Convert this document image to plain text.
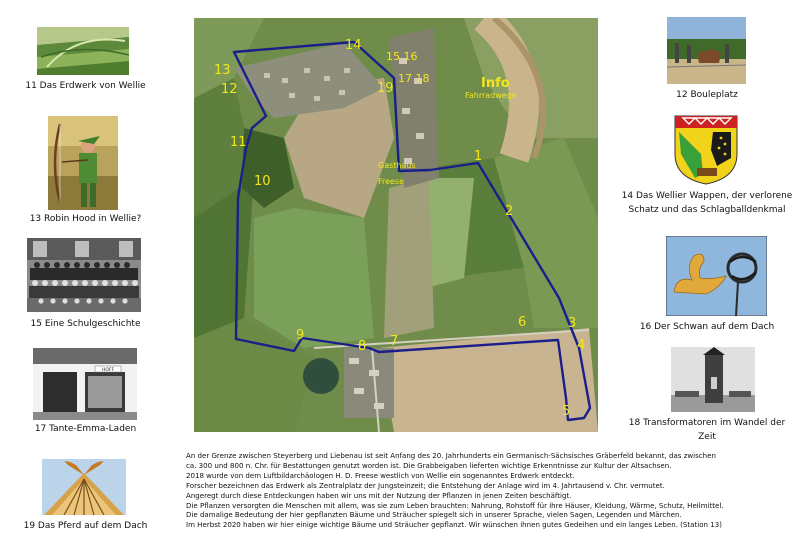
11 Das Erdwerk von Wellie
13 Robin Hood in Wellie?
15 Eine Schulgeschichte
HOFF
17 Tante-Emma-Laden
19 Das Pferd auf dem Dach
Info
Fahrradwege
Gasthaus
Freese
1
2
3
4
5
6
7
8
9
10
11
12
13
14
15 16
17 18
19	12 Bouleplatz
14 Das Wellier Wappen, der verlorene
Schatz und das Schlagballdenkmal
16 Der Schwan auf dem Dach
18 Transformatoren im Wandel der
Zeit

An der Grenze zwischen Steyerberg und Liebenau ist seit Anfang des 20. Jahrhunderts ein Germanisch-Sächsisches Gräberfeld bekannt, das zwischen

ca. 300 und 800 n. Chr. für Bestattungen genutzt worden ist. Die Grabbeigaben lieferten wichtige Erkenntnisse zur Kultur der Altsachsen.

2018 wurde von dem Luftbildarchäologen H. D. Freese westlich von Wellie ein sogenanntes Erdwerk entdeckt.

Forscher bezeichnen das Erdwerk als Zentralplatz der Jungsteinzeit; die Entstehung der Anlage wird im 4. Jahrtausend v. Chr. vermutet.

Angeregt durch diese Entdeckungen haben wir uns mit der Nutzung der Pflanzen in jenen Zeiten beschäftigt.

Die Pflanzen versorgten die Menschen mit allem, was sie zum Leben brauchten: Nahrung, Rohstoff für ihre Häuser, Kleidung, Wärme, Schutz, Heilmittel.

Die damalige Bedeutung der hier gepflanzten Bäume und Sträucher spiegelt sich in unserer Sprache, vielen Sagen, Legenden und Märchen.

Im Herbst 2020 haben wir hier einige wichtige Bäume und Sträucher gepflanzt. Wir wünschen ihnen gutes Gedeihen und ein langes Leben. (Station 13)
